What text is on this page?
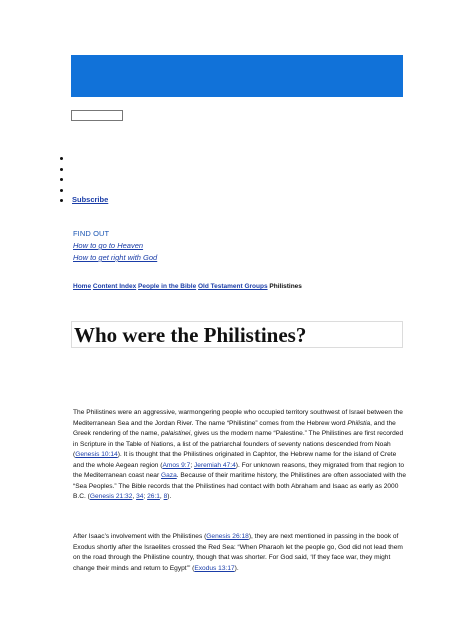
Subscribe
FIND OUT
How to go to Heaven
How to get right with God
Home Content Index People in the Bible Old Testament Groups Philistines
Who were the Philistines?

The Philistines were an aggressive, warmongering people who occupied territory southwest of Israel between the Mediterranean Sea and the Jordan River. The name “Philistine” comes from the Hebrew word Philistia, and the Greek rendering of the name, palaistinei, gives us the modern name “Palestine.” The Philistines are first recorded in Scripture in the Table of Nations, a list of the patriarchal founders of seventy nations descended from Noah (Genesis 10:14). It is thought that the Philistines originated in Caphtor, the Hebrew name for the island of Crete and the whole Aegean region (Amos 9:7; Jeremiah 47:4). For unknown reasons, they migrated from that region to the Mediterranean coast near Gaza. Because of their maritime history, the Philistines are often associated with the “Sea Peoples.” The Bible records that the Philistines had contact with both Abraham and Isaac as early as 2000 B.C. (Genesis 21:32, 34; 26:1, 8).

After Isaac’s involvement with the Philistines (Genesis 26:18), they are next mentioned in passing in the book of Exodus shortly after the Israelites crossed the Red Sea: “When Pharaoh let the people go, God did not lead them on the road through the Philistine country, though that was shorter. For God said, ‘If they face war, they might change their minds and return to Egypt’” (Exodus 13:17).
